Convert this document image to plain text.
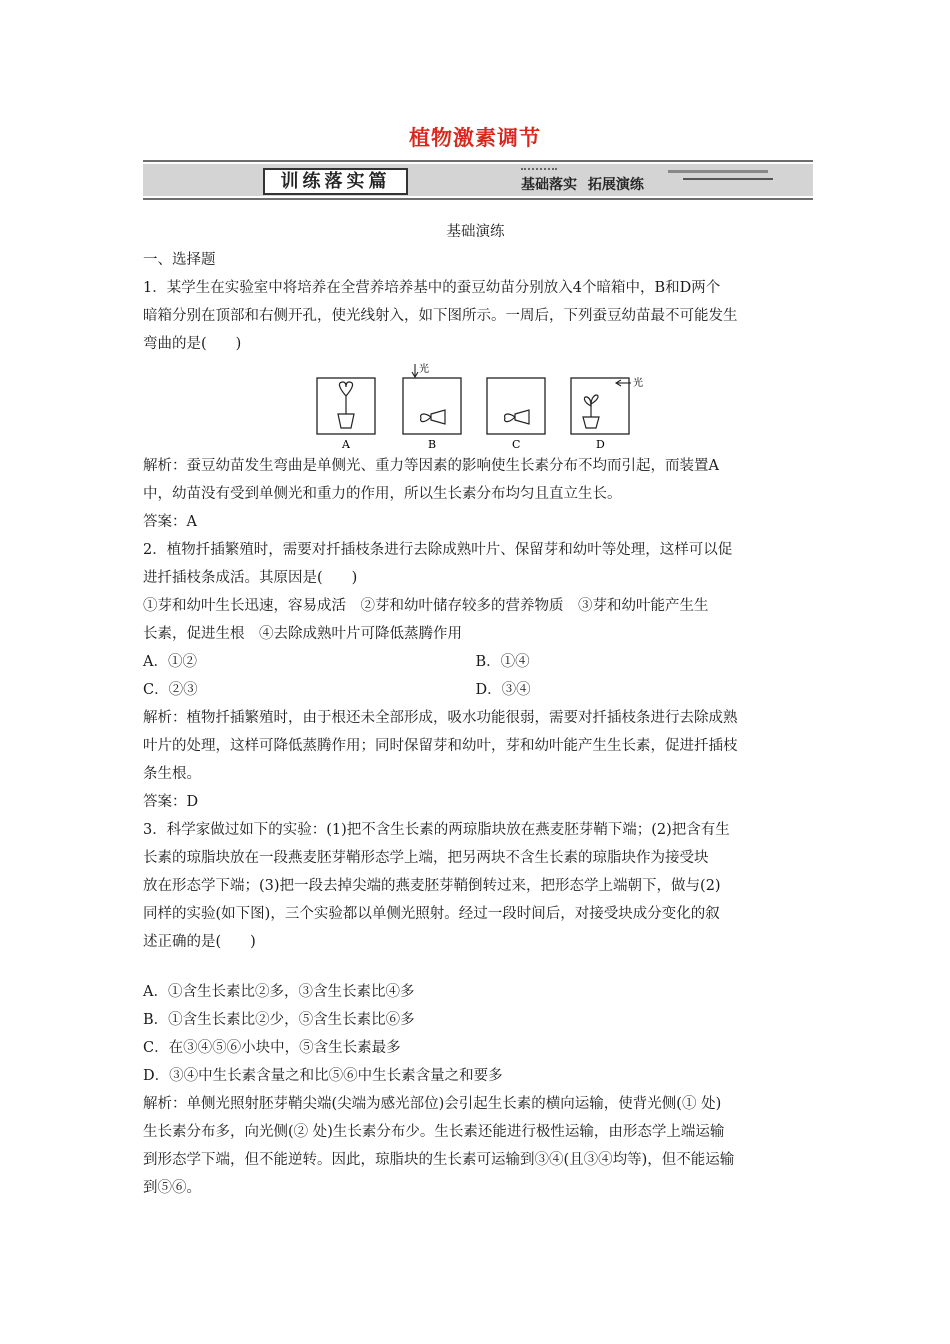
植物激素调节
训练落实篇	基础落实 拓展演练

基础演练

一、选择题

1．某学生在实验室中将培养在全营养培养基中的蚕豆幼苗分别放入4个暗箱中，B和D两个

暗箱分别在顶部和右侧开孔，使光线射入，如下图所示。一周后，下列蚕豆幼苗最不可能发生

弯曲的是(　　)

A
光
B	C
光
D

解析：蚕豆幼苗发生弯曲是单侧光、重力等因素的影响使生长素分布不均而引起，而装置A

中，幼苗没有受到单侧光和重力的作用，所以生长素分布均匀且直立生长。

答案：A

2．植物扦插繁殖时，需要对扦插枝条进行去除成熟叶片、保留芽和幼叶等处理，这样可以促

进扦插枝条成活。其原因是(　　)

①芽和幼叶生长迅速，容易成活　②芽和幼叶储存较多的营养物质　③芽和幼叶能产生生

长素，促进生根　④去除成熟叶片可降低蒸腾作用

A．①②	B．①④
C．②③	D．③④

解析：植物扦插繁殖时，由于根还未全部形成，吸水功能很弱，需要对扦插枝条进行去除成熟

叶片的处理，这样可降低蒸腾作用；同时保留芽和幼叶，芽和幼叶能产生生长素，促进扦插枝

条生根。

答案：D

3．科学家做过如下的实验：(1)把不含生长素的两琼脂块放在燕麦胚芽鞘下端；(2)把含有生

长素的琼脂块放在一段燕麦胚芽鞘形态学上端，把另两块不含生长素的琼脂块作为接受块

放在形态学下端；(3)把一段去掉尖端的燕麦胚芽鞘倒转过来，把形态学上端朝下，做与(2)

同样的实验(如下图)，三个实验都以单侧光照射。经过一段时间后，对接受块成分变化的叙

述正确的是(　　)

A．①含生长素比②多，③含生长素比④多

B．①含生长素比②少，⑤含生长素比⑥多

C．在③④⑤⑥小块中，⑤含生长素最多

D．③④中生长素含量之和比⑤⑥中生长素含量之和要多

解析：单侧光照射胚芽鞘尖端(尖端为感光部位)会引起生长素的横向运输，使背光侧(① 处)

生长素分布多，向光侧(② 处)生长素分布少。生长素还能进行极性运输，由形态学上端运输

到形态学下端，但不能逆转。因此，琼脂块的生长素可运输到③④(且③④均等)，但不能运输

到⑤⑥。
